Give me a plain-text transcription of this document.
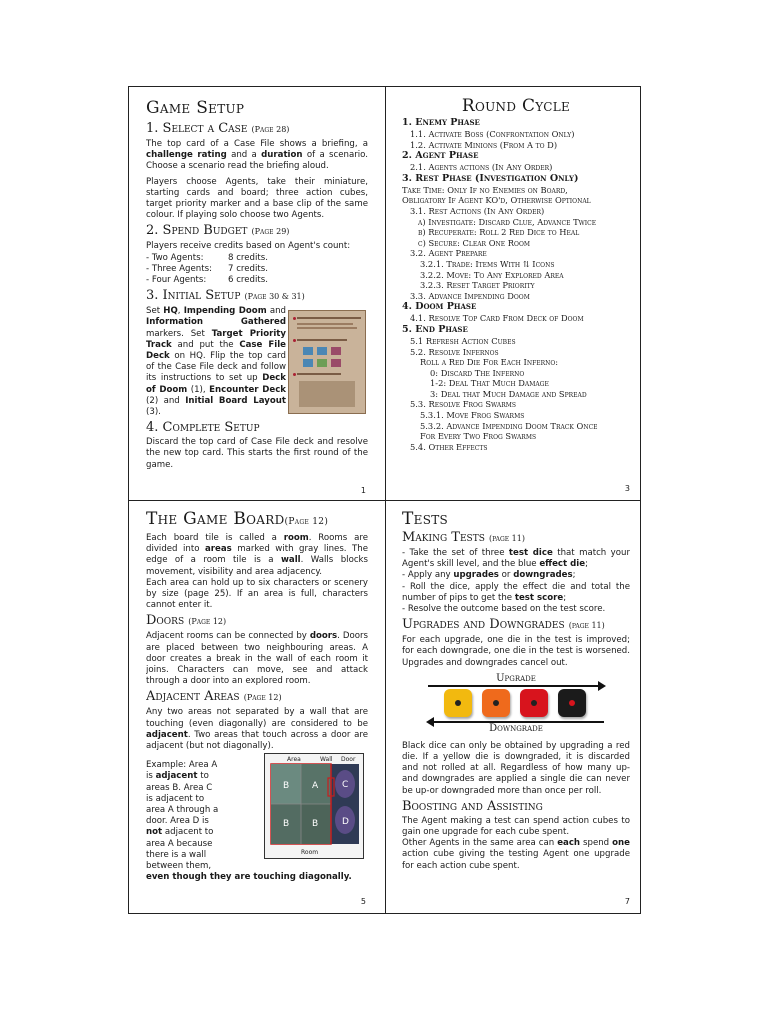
Game Setup
1. Select a Case (Page 28)

The top card of a Case File shows a briefing, a challenge rating and a duration of a scenario. Choose a scenario read the briefing aloud.

Players choose Agents, take their miniature, starting cards and board; three action cubes, target priority marker and a base clip of the same colour. If playing solo choose two Agents.

2. Spend Budget (Page 29)

Players receive credits based on Agent's count:

- Two Agents:	8 credits.

- Three Agents: 7 credits.

- Four Agents:	6 credits.

3. Initial Setup (Page 30 & 31)

Set HQ, Impending Doom and Information Gathered markers. Set Target Priority Track and put the Case File Deck on HQ. Flip the top card of the Case File deck and follow its instructions to set up Deck of Doom (1), Encounter Deck (2) and Initial Board Layout (3).

4. Complete Setup

Discard the top card of Case File deck and resolve the new top card. This starts the first round of the game.

1
Round Cycle
1. Enemy Phase
1.1. Activate Boss (Confrontation Only)
1.2. Activate Minions (From A to D)
2. Agent Phase
2.1. Agents actions (In Any Order)
3. Rest Phase (Investigation Only)
Take Time: Only If no Enemies on Board,
Obligatory If Agent KO'd, Otherwise Optional
3.1. Rest Actions (In Any Order)
a) Investigate: Discard Clue, Advance Twice
b) Recuperate: Roll 2 Red Dice to Heal
c) Secure: Clear One Room
3.2. Agent Prepare
3.2.1. Trade: Items With ⇅ Icons
3.2.2. Move: To Any Explored Area
3.2.3. Reset Target Priority
3.3. Advance Impending Doom
4. Doom Phase
4.1. Resolve Top Card From Deck of Doom
5. End Phase
5.1 Refresh Action Cubes
5.2. Resolve Infernos
Roll a Red Die For Each Inferno:
0: Discard The Inferno
1-2: Deal That Much Damage
3: Deal that Much Damage and Spread
5.3. Resolve Frog Swarms
5.3.1. Move Frog Swarms
5.3.2. Advance Impending Doom Track Once
For Every Two Frog Swarms
5.4. Other Effects
3
The Game Board(Page 12)

Each board tile is called a room. Rooms are divided into areas marked with gray lines. The edge of a room tile is a wall. Walls blocks movement, visibility and area adjacency.

Each area can hold up to six characters or scenery by size (page 25). If an area is full, characters cannot enter it.

Doors (Page 12)

Adjacent rooms can be connected by doors. Doors are placed between two neighbouring areas. A door creates a break in the wall of each room it joins. Characters can move, see and attack through a door into an explored room.

Adjacent Areas (Page 12)

Any two areas not separated by a wall that are touching (even diagonally) are considered to be adjacent. Two areas that touch across a door are adjacent (but not diagonally).

Example: Area A

is adjacent to

areas B. Area C

is adjacent to

area A through a

door. Area D is

not adjacent to

area A because

there is a wall

between them,

even though they are touching diagonally.

Area	Wall Door
Room
B	A	C
B	B	D
5
Tests
Making Tests (page 11)

- Take the set of three test dice that match your Agent's skill level, and the blue effect die;

- Apply any upgrades or downgrades;

- Roll the dice, apply the effect die and total the number of pips to get the test score;

- Resolve the outcome based on the test score.

Upgrades and Downgrades (page 11)

For each upgrade, one die in the test is improved; for each downgrade, one die in the test is worsened. Upgrades and downgrades cancel out.

Upgrade
Downgrade

Black dice can only be obtained by upgrading a red die. If a yellow die is downgraded, it is discarded and not rolled at all. Regardless of how many up- and downgrades are applied a single die can never be up-or downgraded more than once per roll.

Boosting and Assisting

The Agent making a test can spend action cubes to gain one upgrade for each cube spent.

Other Agents in the same area can each spend one action cube giving the testing Agent one upgrade for each action cube spent.

7
